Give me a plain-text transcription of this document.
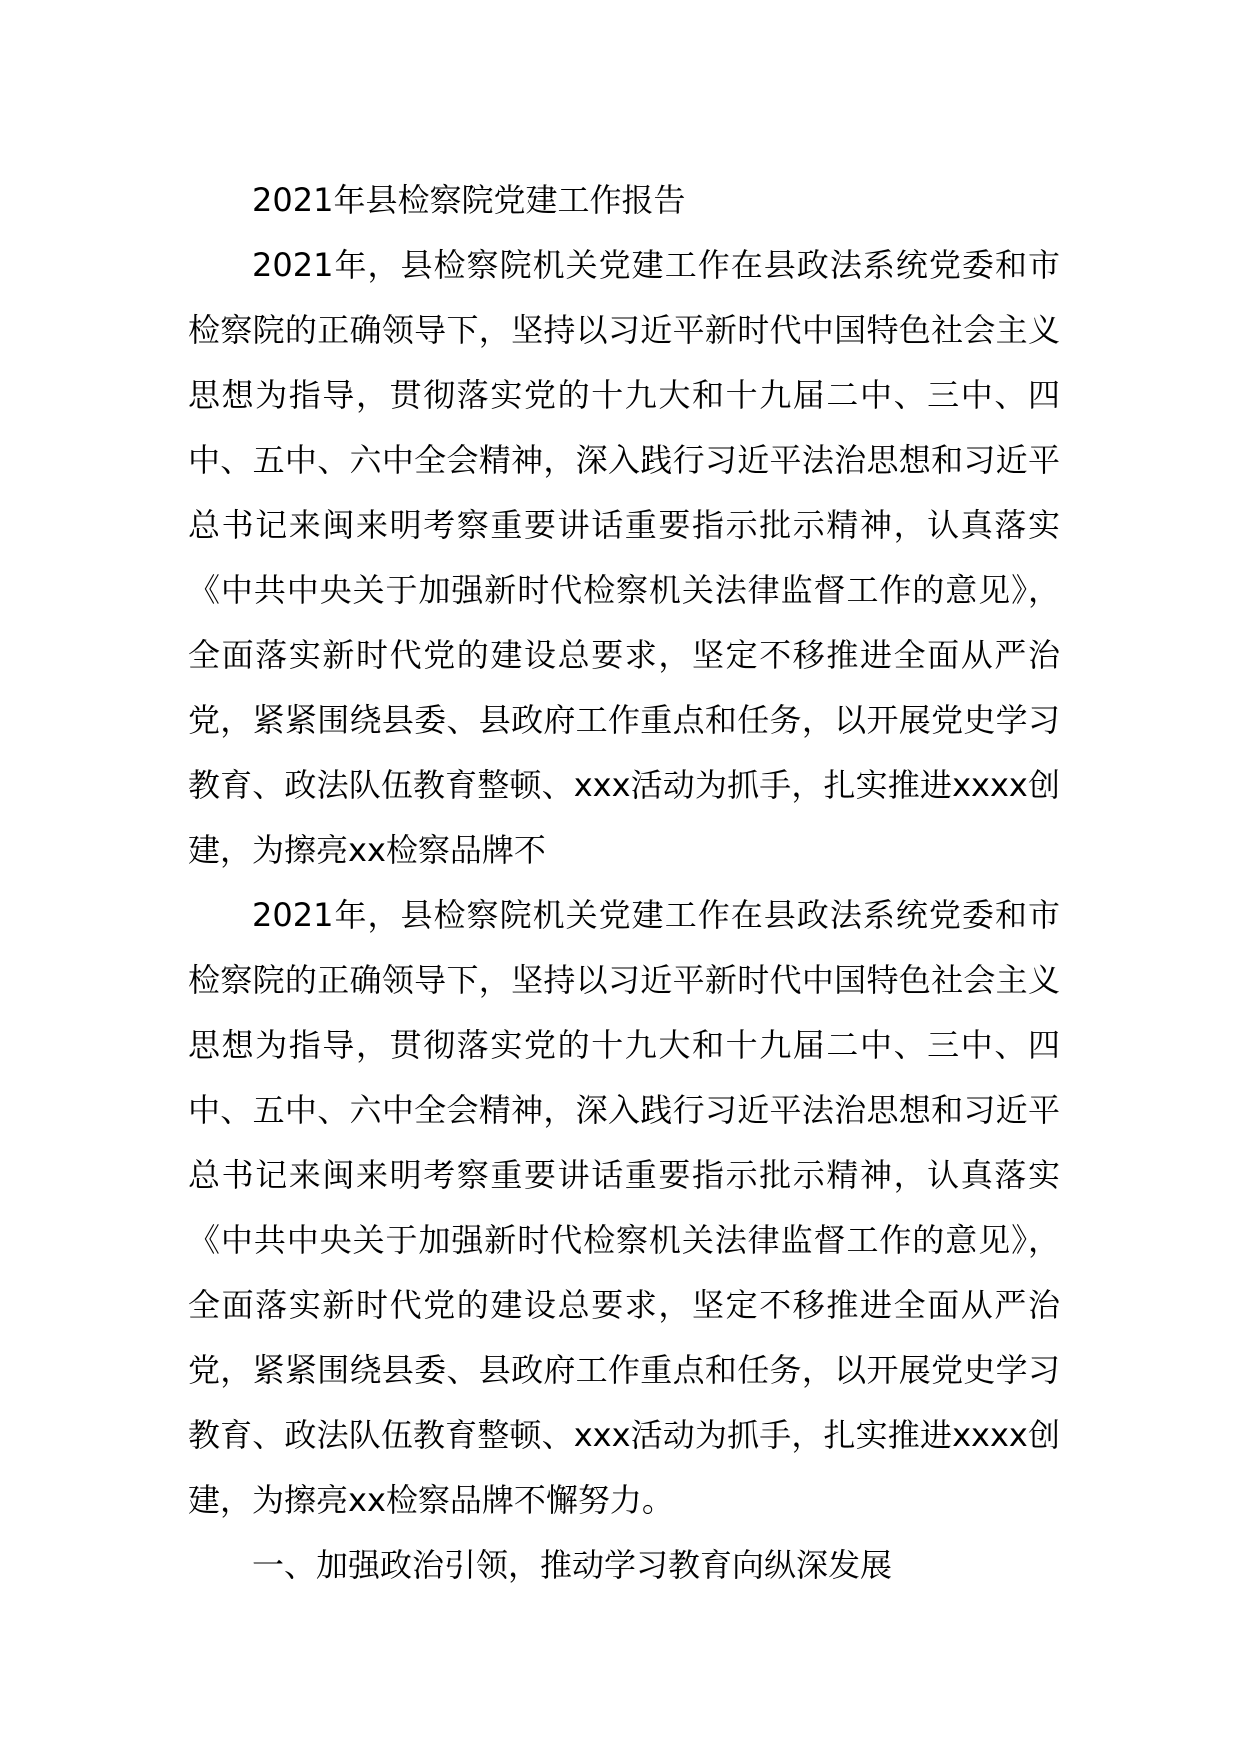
2021年县检察院党建工作报告

2021年，县检察院机关党建工作在县政法系统党委和市检察院的正确领导下，坚持以习近平新时代中国特色社会主义思想为指导，贯彻落实党的十九大和十九届二中、三中、四中、五中、六中全会精神，深入践行习近平法治思想和习近平总书记来闽来明考察重要讲话重要指示批示精神，认真落实《中共中央关于加强新时代检察机关法律监督工作的意见》，全面落实新时代党的建设总要求，坚定不移推进全面从严治党，紧紧围绕县委、县政府工作重点和任务，以开展党史学习教育、政法队伍教育整顿、xxx活动为抓手，扎实推进xxxx创建，为擦亮xx检察品牌不

2021年，县检察院机关党建工作在县政法系统党委和市检察院的正确领导下，坚持以习近平新时代中国特色社会主义思想为指导，贯彻落实党的十九大和十九届二中、三中、四中、五中、六中全会精神，深入践行习近平法治思想和习近平总书记来闽来明考察重要讲话重要指示批示精神，认真落实《中共中央关于加强新时代检察机关法律监督工作的意见》，全面落实新时代党的建设总要求，坚定不移推进全面从严治党，紧紧围绕县委、县政府工作重点和任务，以开展党史学习教育、政法队伍教育整顿、xxx活动为抓手，扎实推进xxxx创建，为擦亮xx检察品牌不懈努力。

一、加强政治引领，推动学习教育向纵深发展
